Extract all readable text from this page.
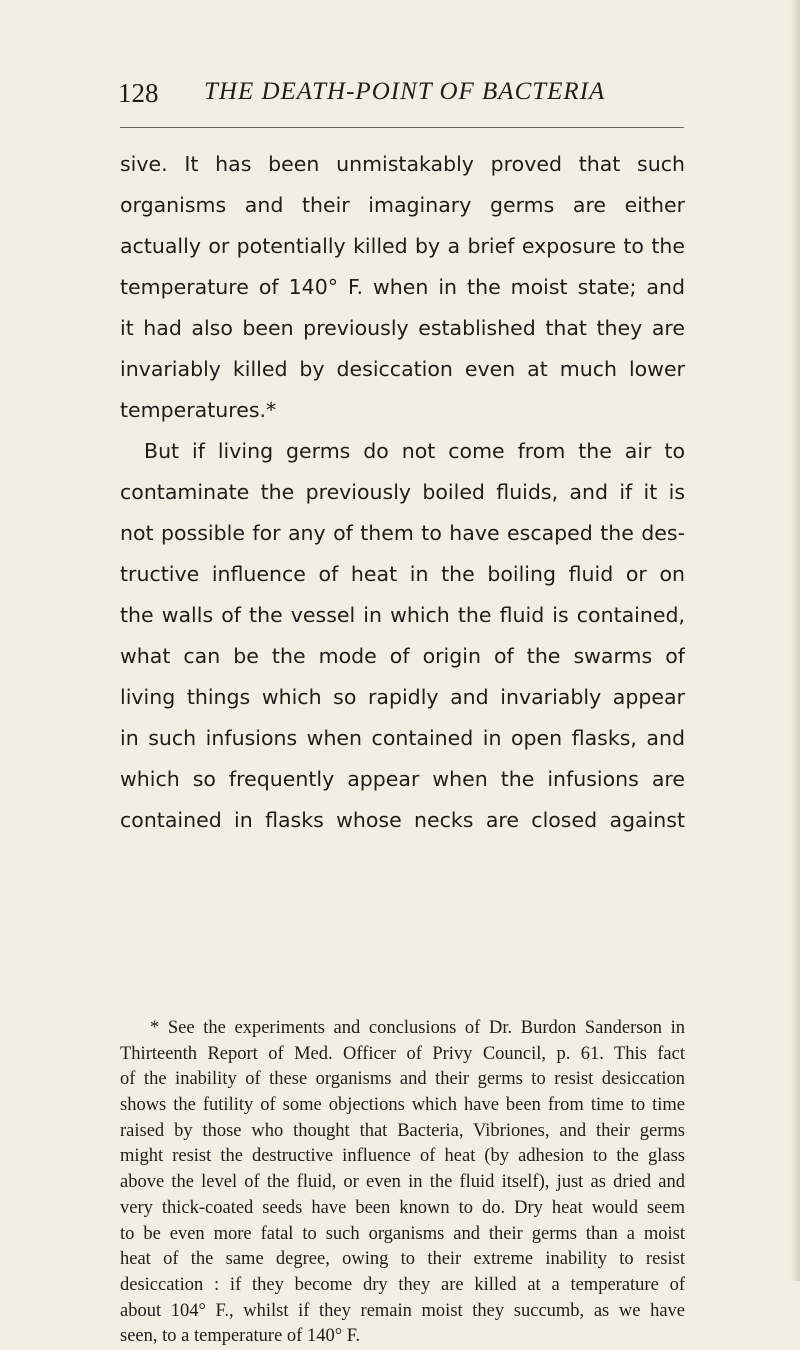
128 THE DEATH-POINT OF BACTERIA
sive. It has been unmistakably proved that such
organisms and their imaginary germs are either
actually or potentially killed by a brief exposure to the
temperature of 140° F. when in the moist state; and
it had also been previously established that they are
invariably killed by desiccation even at much lower
temperatures.*
But if living germs do not come from the air to
contaminate the previously boiled fluids, and if it is
not possible for any of them to have escaped the des-
tructive influence of heat in the boiling fluid or on
the walls of the vessel in which the fluid is contained,
what can be the mode of origin of the swarms of
living things which so rapidly and invariably appear
in such infusions when contained in open flasks, and
which so frequently appear when the infusions are
contained in flasks whose necks are closed against
* See the experiments and conclusions of Dr. Burdon Sanderson in
Thirteenth Report of Med. Officer of Privy Council, p. 61. This fact
of the inability of these organisms and their germs to resist desiccation
shows the futility of some objections which have been from time to time
raised by those who thought that Bacteria, Vibriones, and their germs
might resist the destructive influence of heat (by adhesion to the glass
above the level of the fluid, or even in the fluid itself), just as dried and
very thick-coated seeds have been known to do. Dry heat would seem
to be even more fatal to such organisms and their germs than a moist
heat of the same degree, owing to their extreme inability to resist
desiccation : if they become dry they are killed at a temperature of
about 104° F., whilst if they remain moist they succumb, as we have
seen, to a temperature of 140° F.
